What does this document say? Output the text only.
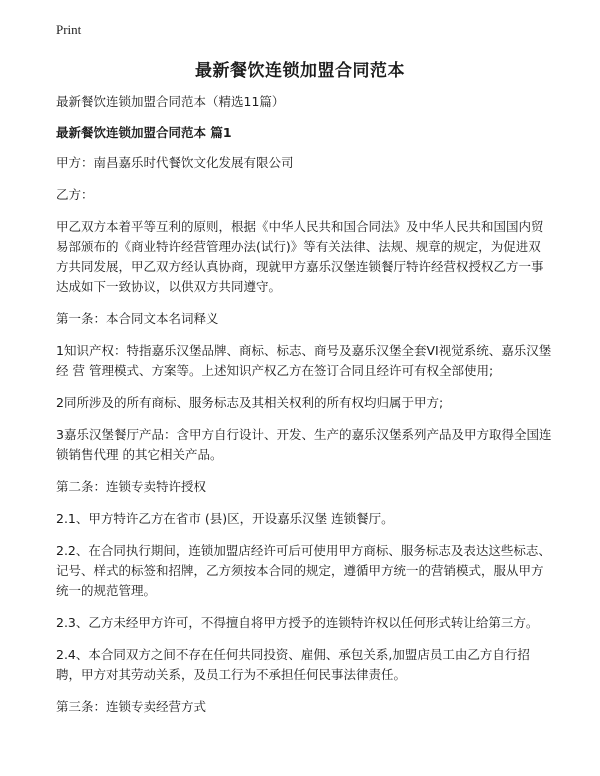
Print
最新餐饮连锁加盟合同范本

最新餐饮连锁加盟合同范本（精选11篇）

最新餐饮连锁加盟合同范本 篇1

甲方：南昌嘉乐时代餐饮文化发展有限公司

乙方：

甲乙双方本着平等互利的原则，根据《中华人民共和国合同法》及中华人民共和国国内贸易部颁布的《商业特许经营管理办法(试行)》等有关法律、法规、规章的规定，为促进双方共同发展，甲乙双方经认真协商，现就甲方嘉乐汉堡连锁餐厅特许经营权授权乙方一事达成如下一致协议，以供双方共同遵守。

第一条：本合同文本名词释义

1知识产权：特指嘉乐汉堡品牌、商标、标志、商号及嘉乐汉堡全套VI视觉系统、嘉乐汉堡 经 营 管理模式、方案等。上述知识产权乙方在签订合同且经许可有权全部使用;

2同所涉及的所有商标、服务标志及其相关权利的所有权均归属于甲方;

3嘉乐汉堡餐厅产品：含甲方自行设计、开发、生产的嘉乐汉堡系列产品及甲方取得全国连锁销售代理 的其它相关产品。

第二条：连锁专卖特许授权

2.1、甲方特许乙方在省市 (县)区，开设嘉乐汉堡 连锁餐厅。

2.2、在合同执行期间，连锁加盟店经许可后可使用甲方商标、服务标志及表达这些标志、记号、样式的标签和招牌，乙方须按本合同的规定，遵循甲方统一的营销模式，服从甲方统一的规范管理。

2.3、乙方未经甲方许可，不得擅自将甲方授予的连锁特许权以任何形式转让给第三方。

2.4、本合同双方之间不存在任何共同投资、雇佣、承包关系,加盟店员工由乙方自行招聘，甲方对其劳动关系，及员工行为不承担任何民事法律责任。

第三条：连锁专卖经营方式
